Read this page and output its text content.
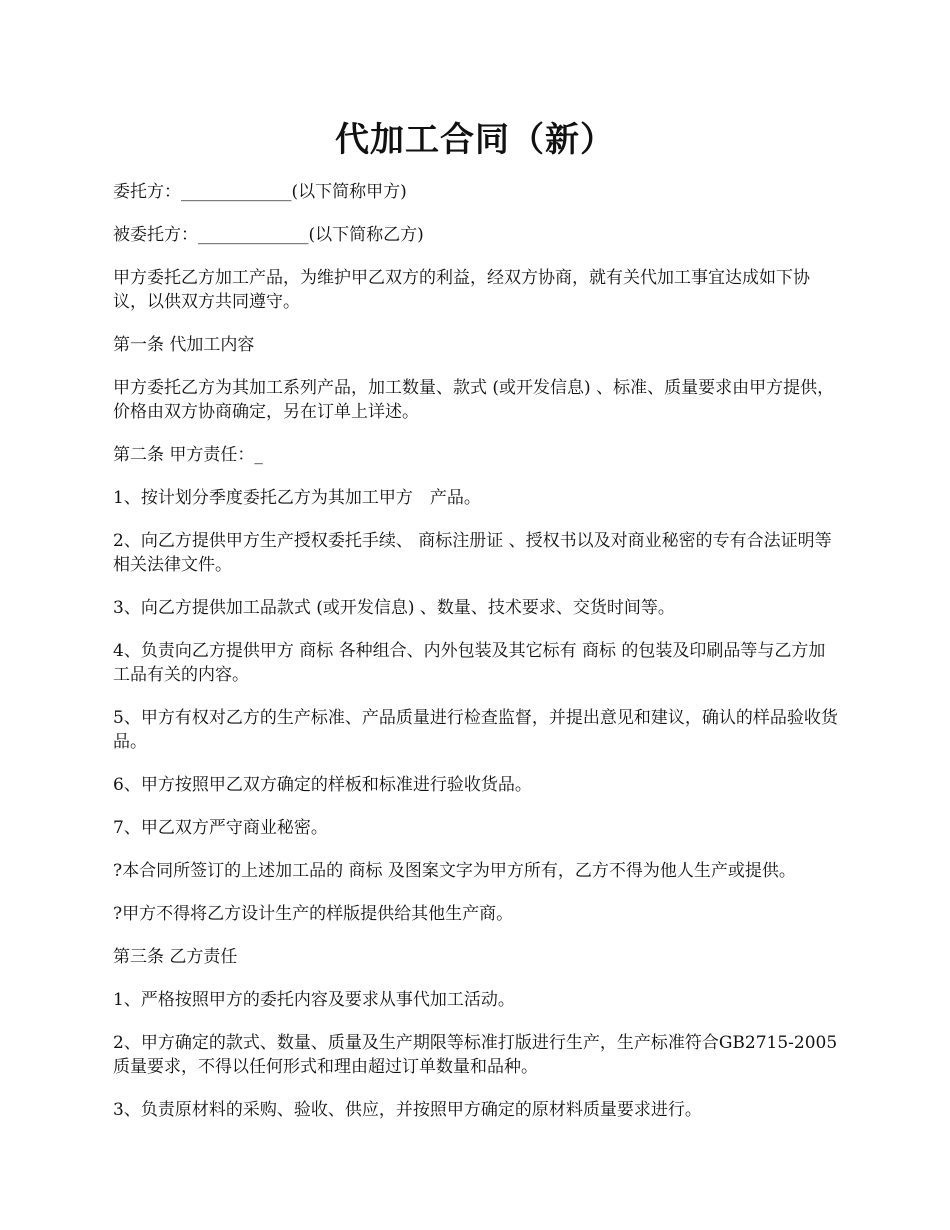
代加工合同（新）

委托方：_____________(以下简称甲方)

被委托方：_____________(以下简称乙方)

甲方委托乙方加工产品，为维护甲乙双方的利益，经双方协商，就有关代加工事宜达成如下协议，以供双方共同遵守。

第一条 代加工内容

甲方委托乙方为其加工系列产品，加工数量、款式 (或开发信息) 、标准、质量要求由甲方提供，价格由双方协商确定，另在订单上详述。

第二条 甲方责任：_

1、按计划分季度委托乙方为其加工甲方　产品。

2、向乙方提供甲方生产授权委托手续、 商标注册证 、授权书以及对商业秘密的专有合法证明等相关法律文件。

3、向乙方提供加工品款式 (或开发信息) 、数量、技术要求、交货时间等。

4、负责向乙方提供甲方 商标 各种组合、内外包装及其它标有 商标 的包装及印刷品等与乙方加工品有关的内容。

5、甲方有权对乙方的生产标准、产品质量进行检查监督，并提出意见和建议，确认的样品验收货品。

6、甲方按照甲乙双方确定的样板和标准进行验收货品。

7、甲乙双方严守商业秘密。

?本合同所签订的上述加工品的 商标 及图案文字为甲方所有，乙方不得为他人生产或提供。

?甲方不得将乙方设计生产的样版提供给其他生产商。

第三条 乙方责任

1、严格按照甲方的委托内容及要求从事代加工活动。

2、甲方确定的款式、数量、质量及生产期限等标准打版进行生产，生产标准符合GB2715-2005 质量要求，不得以任何形式和理由超过订单数量和品种。

3、负责原材料的采购、验收、供应，并按照甲方确定的原材料质量要求进行。
